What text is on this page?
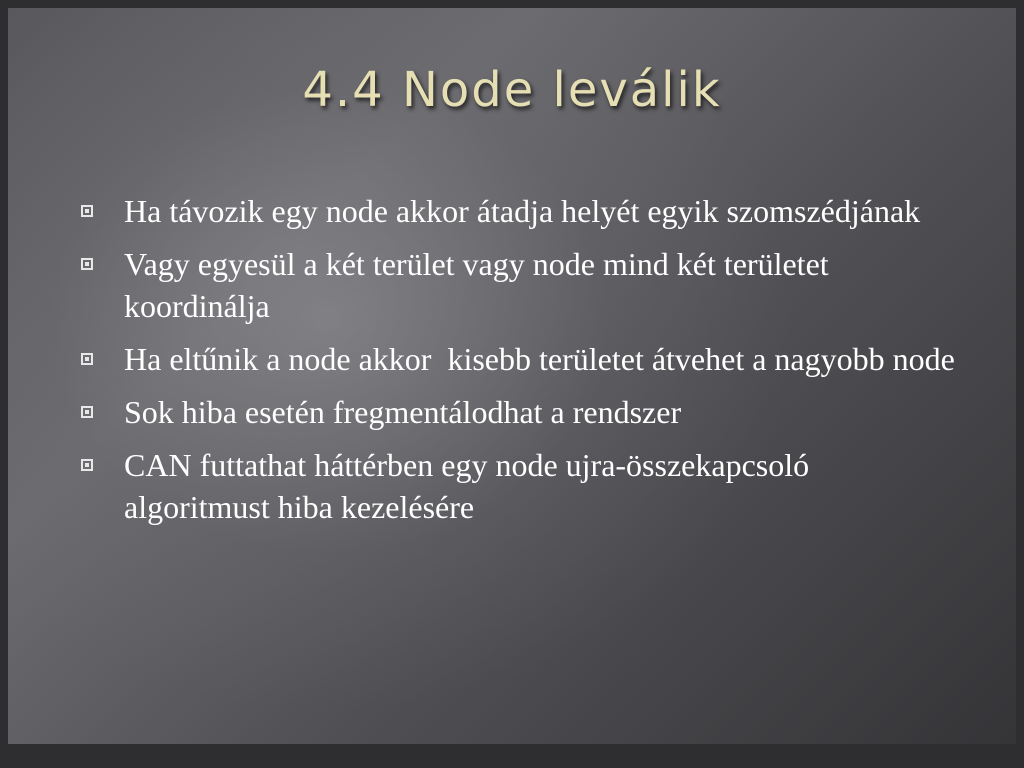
4.4 Node leválik
Ha távozik egy node akkor átadja helyét egyik szomszédjának
Vagy egyesül a két terület vagy node mind két területet koordinálja
Ha eltűnik a node akkor  kisebb területet átvehet a nagyobb node
Sok hiba esetén fregmentálodhat a rendszer
CAN futtathat háttérben egy node ujra-összekapcsoló algoritmust hiba kezelésére
